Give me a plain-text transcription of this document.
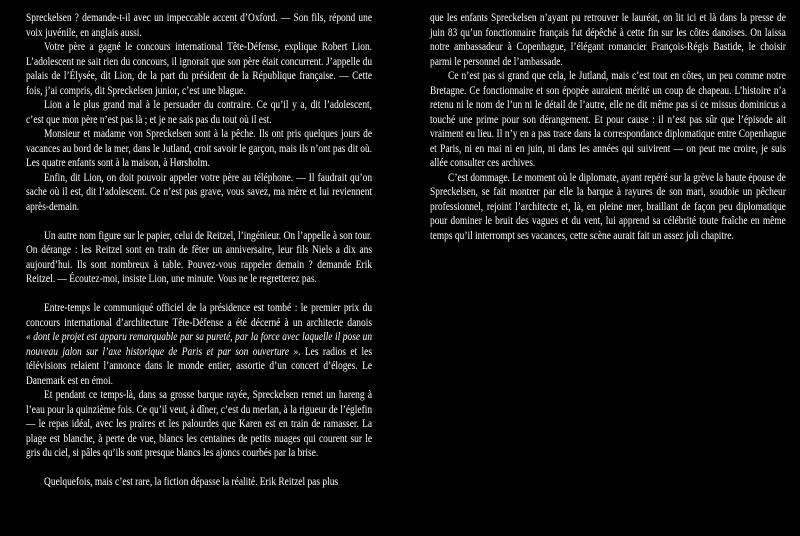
Spreckelsen ? demande-t-il avec un impeccable accent d’Oxford. — Son fils, répond une voix juvénile, en anglais aussi.

Votre père a gagné le concours international Tête-Défense, explique Robert Lion. L’adolescent ne sait rien du concours, il ignorait que son père était concurrent. J’appelle du palais de l’Élysée, dit Lion, de la part du président de la République française. — Cette fois, j’ai compris, dit Spreckelsen junior, c’est une blague.

Lion a le plus grand mal à le persuader du contraire. Ce qu’il y a, dit l’adolescent, c’est que mon père n’est pas là ; et je ne sais pas du tout où il est.

Monsieur et madame von Spreckelsen sont à la pêche. Ils ont pris quelques jours de vacances au bord de la mer, dans le Jutland, croit savoir le garçon, mais ils n’ont pas dit où. Les quatre enfants sont à la maison, à Hørsholm.

Enfin, dit Lion, on doit pouvoir appeler votre père au téléphone. — Il faudrait qu’on sache où il est, dit l’adolescent. Ce n’est pas grave, vous savez, ma mère et lui reviennent après-demain.

Un autre nom figure sur le papier, celui de Reitzel, l’ingénieur. On l’appelle à son tour. On dérange : les Reitzel sont en train de fêter un anniversaire, leur fils Niels a dix ans aujourd’hui. Ils sont nombreux à table. Pouvez-vous rappeler demain ? demande Erik Reitzel. — Écoutez-moi, insiste Lion, une minute. Vous ne le regretterez pas.

Entre-temps le communiqué officiel de la présidence est tombé : le premier prix du concours international d’architecture Tête-Défense a été décerné à un architecte danois « dont le projet est apparu remarquable par sa pureté, par la force avec laquelle il pose un nouveau jalon sur l’axe historique de Paris et par son ouverture ». Les radios et les télévisions relaient l’annonce dans le monde entier, assortie d’un concert d’éloges. Le Danemark est en émoi.

Et pendant ce temps-là, dans sa grosse barque rayée, Spreckelsen remet un hareng à l’eau pour la quinzième fois. Ce qu’il veut, à dîner, c’est du merlan, à la rigueur de l’églefin — le repas idéal, avec les praires et les palourdes que Karen est en train de ramasser. La plage est blanche, à perte de vue, blancs les centaines de petits nuages qui courent sur le gris du ciel, si pâles qu’ils sont presque blancs les ajoncs courbés par la brise.

Quelquefois, mais c’est rare, la fiction dépasse la réalité. Erik Reitzel pas plus

que les enfants Spreckelsen n’ayant pu retrouver le lauréat, on lit ici et là dans la presse de juin 83 qu’un fonctionnaire français fut dépêché à cette fin sur les côtes danoises. On laissa notre ambassadeur à Copenhague, l’élégant romancier François-Régis Bastide, le choisir parmi le personnel de l’ambassade.

Ce n’est pas si grand que cela, le Jutland, mais c’est tout en côtes, un peu comme notre Bretagne. Ce fonctionnaire et son épopée auraient mérité un coup de chapeau. L’histoire n’a retenu ni le nom de l’un ni le détail de l’autre, elle ne dit même pas si ce missus dominicus a touché une prime pour son dérangement. Et pour cause : il n’est pas sûr que l’épisode ait vraiment eu lieu. Il n’y en a pas trace dans la correspondance diplomatique entre Copenhague et Paris, ni en mai ni en juin, ni dans les années qui suivirent — on peut me croire, je suis allée consulter ces archives.

C’est dommage. Le moment où le diplomate, ayant repéré sur la grève la haute épouse de Spreckelsen, se fait montrer par elle la barque à rayures de son mari, soudoie un pêcheur professionnel, rejoint l’architecte et, là, en pleine mer, braillant de façon peu diplomatique pour dominer le bruit des vagues et du vent, lui apprend sa célébrité toute fraîche en même temps qu’il interrompt ses vacances, cette scène aurait fait un assez joli chapitre.
